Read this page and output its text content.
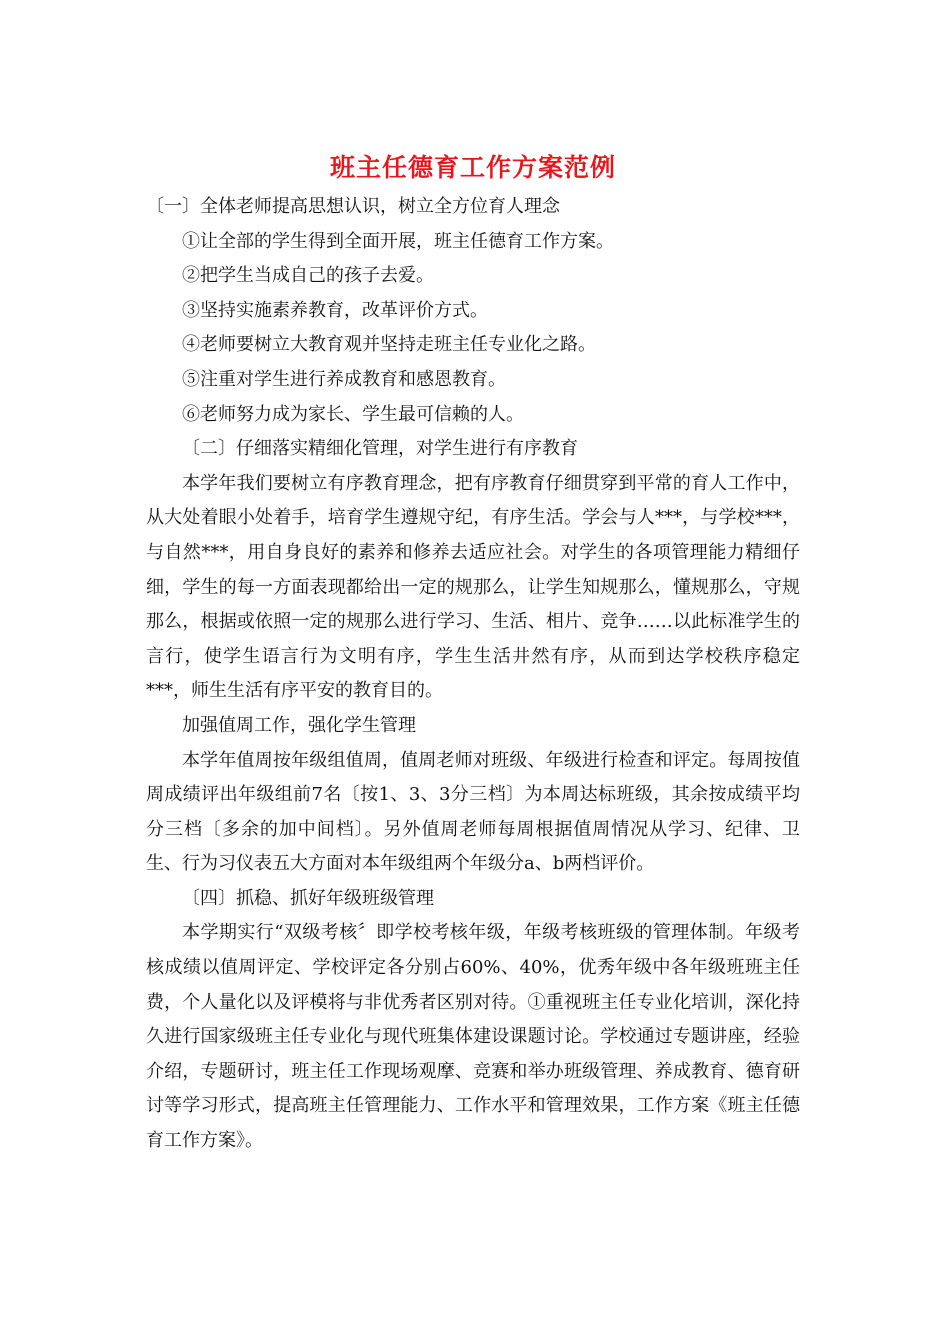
班主任德育工作方案范例

〔一〕全体老师提高思想认识，树立全方位育人理念

①让全部的学生得到全面开展，班主任德育工作方案。

②把学生当成自己的孩子去爱。

③坚持实施素养教育，改革评价方式。

④老师要树立大教育观并坚持走班主任专业化之路。

⑤注重对学生进行养成教育和感恩教育。

⑥老师努力成为家长、学生最可信赖的人。

〔二〕仔细落实精细化管理，对学生进行有序教育

本学年我们要树立有序教育理念，把有序教育仔细贯穿到平常的育人工作中，从大处着眼小处着手，培育学生遵规守纪，有序生活。学会与人***，与学校***，与自然***，用自身良好的素养和修养去适应社会。对学生的各项管理能力精细仔细，学生的每一方面表现都给出一定的规那么，让学生知规那么，懂规那么，守规那么，根据或依照一定的规那么进行学习、生活、相片、竞争……以此标准学生的言行，使学生语言行为文明有序，学生生活井然有序，从而到达学校秩序稳定***，师生生活有序平安的教育目的。

加强值周工作，强化学生管理

本学年值周按年级组值周，值周老师对班级、年级进行检查和评定。每周按值周成绩评出年级组前7名〔按1、3、3分三档〕为本周达标班级，其余按成绩平均分三档〔多余的加中间档〕。另外值周老师每周根据值周情况从学习、纪律、卫生、行为习仪表五大方面对本年级组两个年级分a、b两档评价。

〔四〕抓稳、抓好年级班级管理

本学期实行“双级考核〞即学校考核年级，年级考核班级的管理体制。年级考核成绩以值周评定、学校评定各分别占60%、40%，优秀年级中各年级班班主任费，个人量化以及评模将与非优秀者区别对待。①重视班主任专业化培训，深化持久进行国家级班主任专业化与现代班集体建设课题讨论。学校通过专题讲座，经验介绍，专题研讨，班主任工作现场观摩、竞赛和举办班级管理、养成教育、德育研讨等学习形式，提高班主任管理能力、工作水平和管理效果，工作方案《班主任德育工作方案》。
